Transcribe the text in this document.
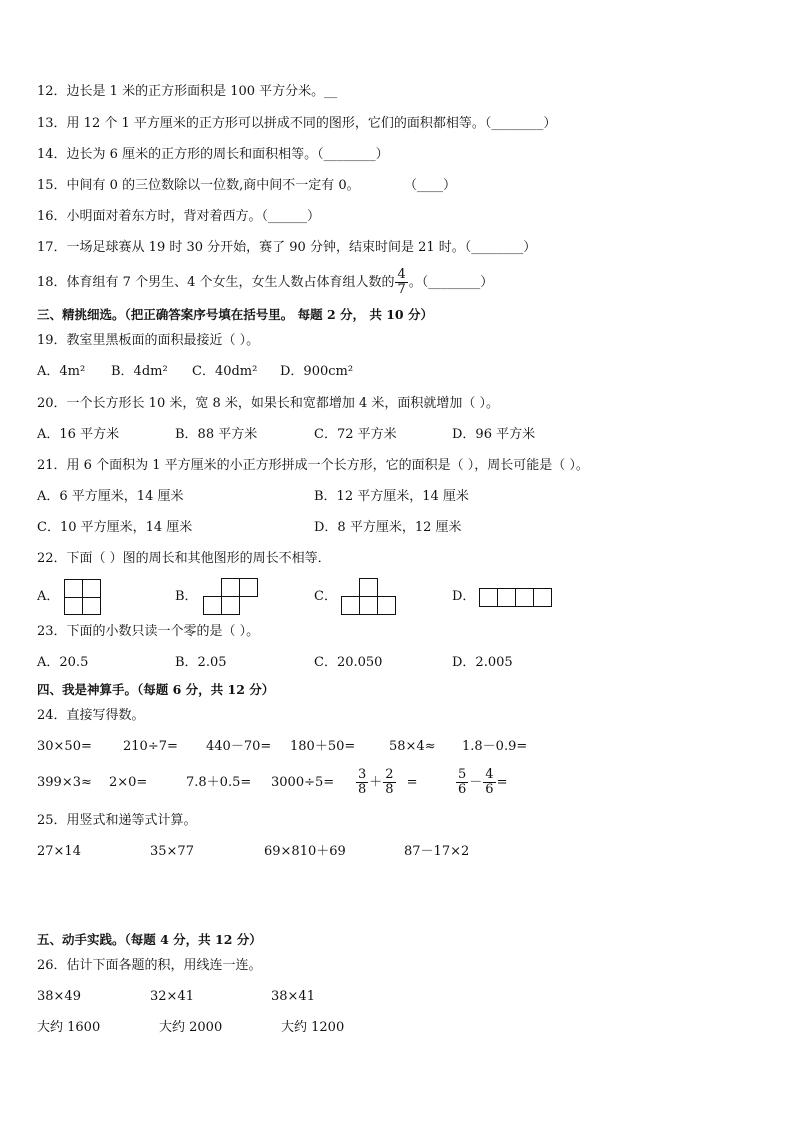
12．边长是 1 米的正方形面积是 100 平方分米。__
13．用 12 个 1 平方厘米的正方形可以拼成不同的图形，它们的面积都相等。（________）
14．边长为 6 厘米的正方形的周长和面积相等。（________）
15．中间有 0 的三位数除以一位数,商中间不一定有 0。	（____）
16．小明面对着东方时，背对着西方。（______）
17．一场足球赛从 19 时 30 分开始，赛了 90 分钟，结束时间是 21 时。（________）
18．体育组有 7 个男生、4 个女生，女生人数占体育组人数的 $\frac{4}{7}$ 。（________）
三、精挑细选。（把正确答案序号填在括号里。 每题 2 分， 共 10 分）
19．教室里黑板面的面积最接近（ ）。
A．4m² B．4dm² C．40dm² D．900cm²
20．一个长方形长 10 米，宽 8 米，如果长和宽都增加 4 米，面积就增加（ ）。
A．16 平方米	B．88 平方米	C．72 平方米	D．96 平方米
21．用 6 个面积为 1 平方厘米的小正方形拼成一个长方形，它的面积是（ ），周长可能是（ ）。
A．6 平方厘米，14 厘米	B．12 平方厘米，14 厘米
C．10 平方厘米，14 厘米	D．8 平方厘米，12 厘米
22．下面（ ）图的周长和其他图形的周长不相等．
A．	B．	C．	D．
23．下面的小数只读一个零的是（ ）。
A．20.5	B．2.05	C．20.050	D．2.005
四、我是神算手。（每题 6 分，共 12 分）
24．直接写得数。
30×50= 210÷7= 440－70= 180＋50=	58×4≈ 1.8－0.9=
399×3≈ 2×0=	$7.8+0.5= 3000\div 5= \frac{3}{8} + \frac{2}{8}$ =	$\frac{5}{6} - \frac{4}{6}$ =
25．用竖式和递等式计算。
27×14	35×77	69×810＋69	87－17×2
五、动手实践。（每题 4 分，共 12 分）
26．估计下面各题的积，用线连一连。
38×49	32×41	38×41
大约 1600	大约 2000	大约 1200
